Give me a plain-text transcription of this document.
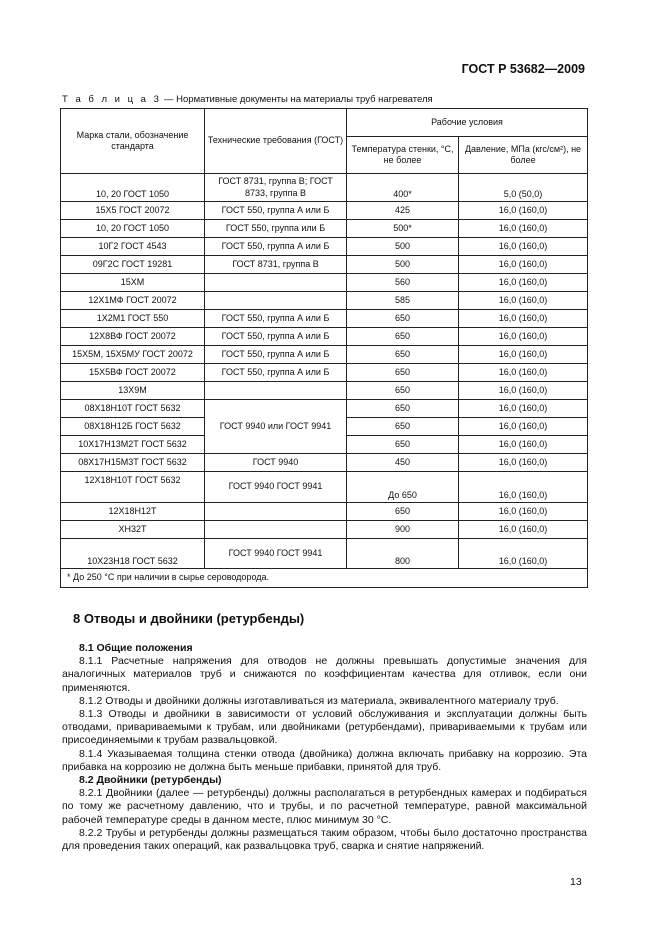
ГОСТ Р 53682—2009
Т а б л и ц а 3 — Нормативные документы на материалы труб нагревателя
Марка стали, обозначение стандарта	Технические требования (ГОСТ)	Рабочие условия	
		Температура стенки, °С, не более	Давление, МПа (кгс/см²), не более
10, 20 ГОСТ 1050	ГОСТ 8731, группа В; ГОСТ 8733, группа В	400*	5,0 (50,0)
15Х5 ГОСТ 20072	ГОСТ 550, группа А или Б	425	16,0 (160,0)
10, 20 ГОСТ 1050	ГОСТ 550, группа или Б	500*	16,0 (160,0)
10Г2 ГОСТ 4543	ГОСТ 550, группа А или Б	500	16,0 (160,0)
09Г2С ГОСТ 19281	ГОСТ 8731, группа В	500	16,0 (160,0)
15ХМ		560	16,0 (160,0)
12Х1МФ ГОСТ 20072		585	16,0 (160,0)
1Х2М1 ГОСТ 550	ГОСТ 550, группа А или Б	650	16,0 (160,0)
12Х8ВФ ГОСТ 20072	ГОСТ 550, группа А или Б	650	16,0 (160,0)
15Х5М, 15Х5МУ ГОСТ 20072	ГОСТ 550, группа А или Б	650	16,0 (160,0)
15Х5ВФ ГОСТ 20072	ГОСТ 550, группа А или Б	650	16,0 (160,0)
13Х9М		650	16,0 (160,0)
08Х18Н10Т ГОСТ 5632	ГОСТ 9940 или ГОСТ 9941	650	16,0 (160,0)
08Х18Н12Б ГОСТ 5632		650	16,0 (160,0)
10Х17Н13М2Т ГОСТ 5632		650	16,0 (160,0)
08Х17Н15М3Т ГОСТ 5632	ГОСТ 9940	450	16,0 (160,0)
12Х18Н10Т ГОСТ 5632	ГОСТ 9940 ГОСТ 9941	До 650	16,0 (160,0)
12Х18Н12Т		650	16,0 (160,0)
ХН32Т		900	16,0 (160,0)
10Х23Н18 ГОСТ 5632	ГОСТ 9940 ГОСТ 9941	800	16,0 (160,0)
* До 250 °С при наличии в сырье сероводорода.			
8 Отводы и двойники (ретурбенды)
8.1 Общие положения

8.1.1 Расчетные напряжения для отводов не должны превышать допустимые значения для аналогичных материалов труб и снижаются по коэффициентам качества для отливок, если они применяются.

8.1.2 Отводы и двойники должны изготавливаться из материала, эквивалентного материалу труб.

8.1.3 Отводы и двойники в зависимости от условий обслуживания и эксплуатации должны быть отводами, привариваемыми к трубам, или двойниками (ретурбендами), привариваемыми к трубам или присоединяемыми к трубам развальцовкой.

8.1.4 Указываемая толщина стенки отвода (двойника) должна включать прибавку на коррозию. Эта прибавка на коррозию не должна быть меньше прибавки, принятой для труб.

8.2 Двойники (ретурбенды)

8.2.1 Двойники (далее — ретурбенды) должны располагаться в ретурбендных камерах и подбираться по тому же расчетному давлению, что и трубы, и по расчетной температуре, равной максимальной рабочей температуре среды в данном месте, плюс минимум 30 °С.

8.2.2 Трубы и ретурбенды должны размещаться таким образом, чтобы было достаточно пространства для проведения таких операций, как развальцовка труб, сварка и снятие напряжений.

13
